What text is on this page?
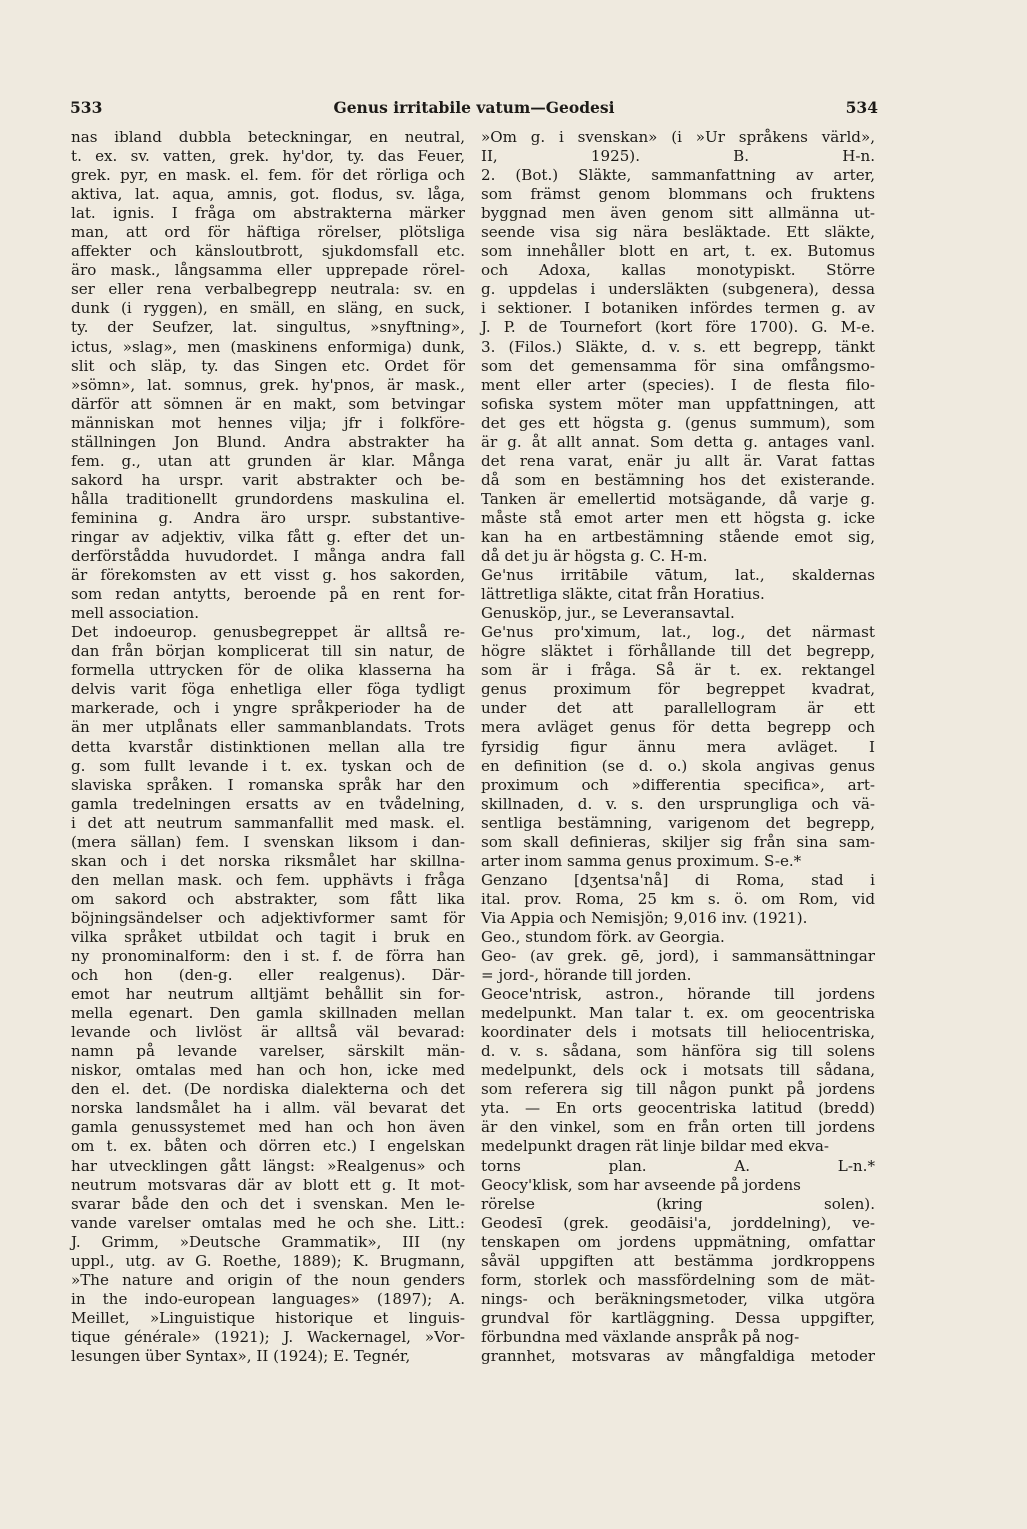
533	Genus irritabile vatum—Geodesi	534
nas ibland dubbla beteckningar, en neutral,
t. ex. sv. vatten, grek. hy'dor, ty. das Feuer,
grek. pyr, en mask. el. fem. för det rörliga och
aktiva, lat. aqua, amnis, got. flodus, sv. låga,
lat. ignis. I fråga om abstrakterna märker
man, att ord för häftiga rörelser, plötsliga
affekter och känsloutbrott, sjukdomsfall etc.
äro mask., långsamma eller upprepade rörel-
ser eller rena verbalbegrepp neutrala: sv. en
dunk (i ryggen), en smäll, en släng, en suck,
ty. der Seufzer, lat. singultus, »snyftning»,
ictus, »slag», men (maskinens enformiga) dunk,
slit och släp, ty. das Singen etc. Ordet för
»sömn», lat. somnus, grek. hy'pnos, är mask.,
därför att sömnen är en makt, som betvingar
människan mot hennes vilja; jfr i folkföre-
ställningen Jon Blund. Andra abstrakter ha
fem. g., utan att grunden är klar. Många
sakord ha urspr. varit abstrakter och be-
hålla traditionellt grundordens maskulina el.
feminina g. Andra äro urspr. substantive-
ringar av adjektiv, vilka fått g. efter det un-
derförstådda huvudordet. I många andra fall
är förekomsten av ett visst g. hos sakorden,
som redan antytts, beroende på en rent for-
mell association.
Det indoeurop. genusbegreppet är alltså re-
dan från början komplicerat till sin natur, de
formella uttrycken för de olika klasserna ha
delvis varit föga enhetliga eller föga tydligt
markerade, och i yngre språkperioder ha de
än mer utplånats eller sammanblandats. Trots
detta kvarstår distinktionen mellan alla tre
g. som fullt levande i t. ex. tyskan och de
slaviska språken. I romanska språk har den
gamla tredelningen ersatts av en tvådelning,
i det att neutrum sammanfallit med mask. el.
(mera sällan) fem. I svenskan liksom i dan-
skan och i det norska riksmålet har skillna-
den mellan mask. och fem. upphävts i fråga
om sakord och abstrakter, som fått lika
böjningsändelser och adjektivformer samt för
vilka språket utbildat och tagit i bruk en
ny pronominalform: den i st. f. de förra han
och hon (den-g. eller realgenus). Där-
emot har neutrum alltjämt behållit sin for-
mella egenart. Den gamla skillnaden mellan
levande och livlöst är alltså väl bevarad:
namn på levande varelser, särskilt män-
niskor, omtalas med han och hon, icke med
den el. det. (De nordiska dialekterna och det
norska landsmålet ha i allm. väl bevarat det
gamla genussystemet med han och hon även
om t. ex. båten och dörren etc.) I engelskan
har utvecklingen gått längst: »Realgenus» och
neutrum motsvaras där av blott ett g. It mot-
svarar både den och det i svenskan. Men le-
vande varelser omtalas med he och she. Litt.:
J. Grimm, »Deutsche Grammatik», III (ny
uppl., utg. av G. Roethe, 1889); K. Brugmann,
»The nature and origin of the noun genders
in the indo-european languages» (1897); A.
Meillet, »Linguistique historique et linguis-
tique générale» (1921); J. Wackernagel, »Vor-
lesungen über Syntax», II (1924); E. Tegnér,
»Om g. i svenskan» (i »Ur språkens värld»,
II, 1925). B. H-n.
2. (Bot.) Släkte, sammanfattning av arter,
som främst genom blommans och fruktens
byggnad men även genom sitt allmänna ut-
seende visa sig nära besläktade. Ett släkte,
som innehåller blott en art, t. ex. Butomus
och Adoxa, kallas monotypiskt. Större
g. uppdelas i undersläkten (subgenera), dessa
i sektioner. I botaniken infördes termen g. av
J. P. de Tournefort (kort före 1700). G. M-e.
3. (Filos.) Släkte, d. v. s. ett begrepp, tänkt
som det gemensamma för sina omfångsmo-
ment eller arter (species). I de flesta filo-
sofiska system möter man uppfattningen, att
det ges ett högsta g. (genus summum), som
är g. åt allt annat. Som detta g. antages vanl.
det rena varat, enär ju allt är. Varat fattas
då som en bestämning hos det existerande.
Tanken är emellertid motsägande, då varje g.
måste stå emot arter men ett högsta g. icke
kan ha en artbestämning stående emot sig,
då det ju är högsta g. C. H-m.
Ge'nus irritābile vātum, lat., skaldernas
lättretliga släkte, citat från Horatius.
Genusköp, jur., se Leveransavtal.
Ge'nus pro'ximum, lat., log., det närmast
högre släktet i förhållande till det begrepp,
som är i fråga. Så är t. ex. rektangel
genus proximum för begreppet kvadrat,
under det att parallellogram är ett
mera avläget genus för detta begrepp och
fyrsidig figur ännu mera avläget. I
en definition (se d. o.) skola angivas genus
proximum och »differentia specifica», art-
skillnaden, d. v. s. den ursprungliga och vä-
sentliga bestämning, varigenom det begrepp,
som skall definieras, skiljer sig från sina sam-
arter inom samma genus proximum. S-e.*
Genzano [dʒentsa'nå] di Roma, stad i
ital. prov. Roma, 25 km s. ö. om Rom, vid
Via Appia och Nemisjön; 9,016 inv. (1921).
Geo., stundom förk. av Georgia.
Geo- (av grek. gē, jord), i sammansättningar
= jord-, hörande till jorden.
Geoce'ntrisk, astron., hörande till jordens
medelpunkt. Man talar t. ex. om geocentriska
koordinater dels i motsats till heliocentriska,
d. v. s. sådana, som hänföra sig till solens
medelpunkt, dels ock i motsats till sådana,
som referera sig till någon punkt på jordens
yta. — En orts geocentriska latitud (bredd)
är den vinkel, som en från orten till jordens
medelpunkt dragen rät linje bildar med ekva-
torns plan. A. L-n.*
Geocy'klisk, som har avseende på jordens
rörelse (kring solen).
Geodesī (grek. geodāisi'a, jorddelning), ve-
tenskapen om jordens uppmätning, omfattar
såväl uppgiften att bestämma jordkroppens
form, storlek och massfördelning som de mät-
nings- och beräkningsmetoder, vilka utgöra
grundval för kartläggning. Dessa uppgifter,
förbundna med växlande anspråk på nog-
grannhet, motsvaras av mångfaldiga metoder
